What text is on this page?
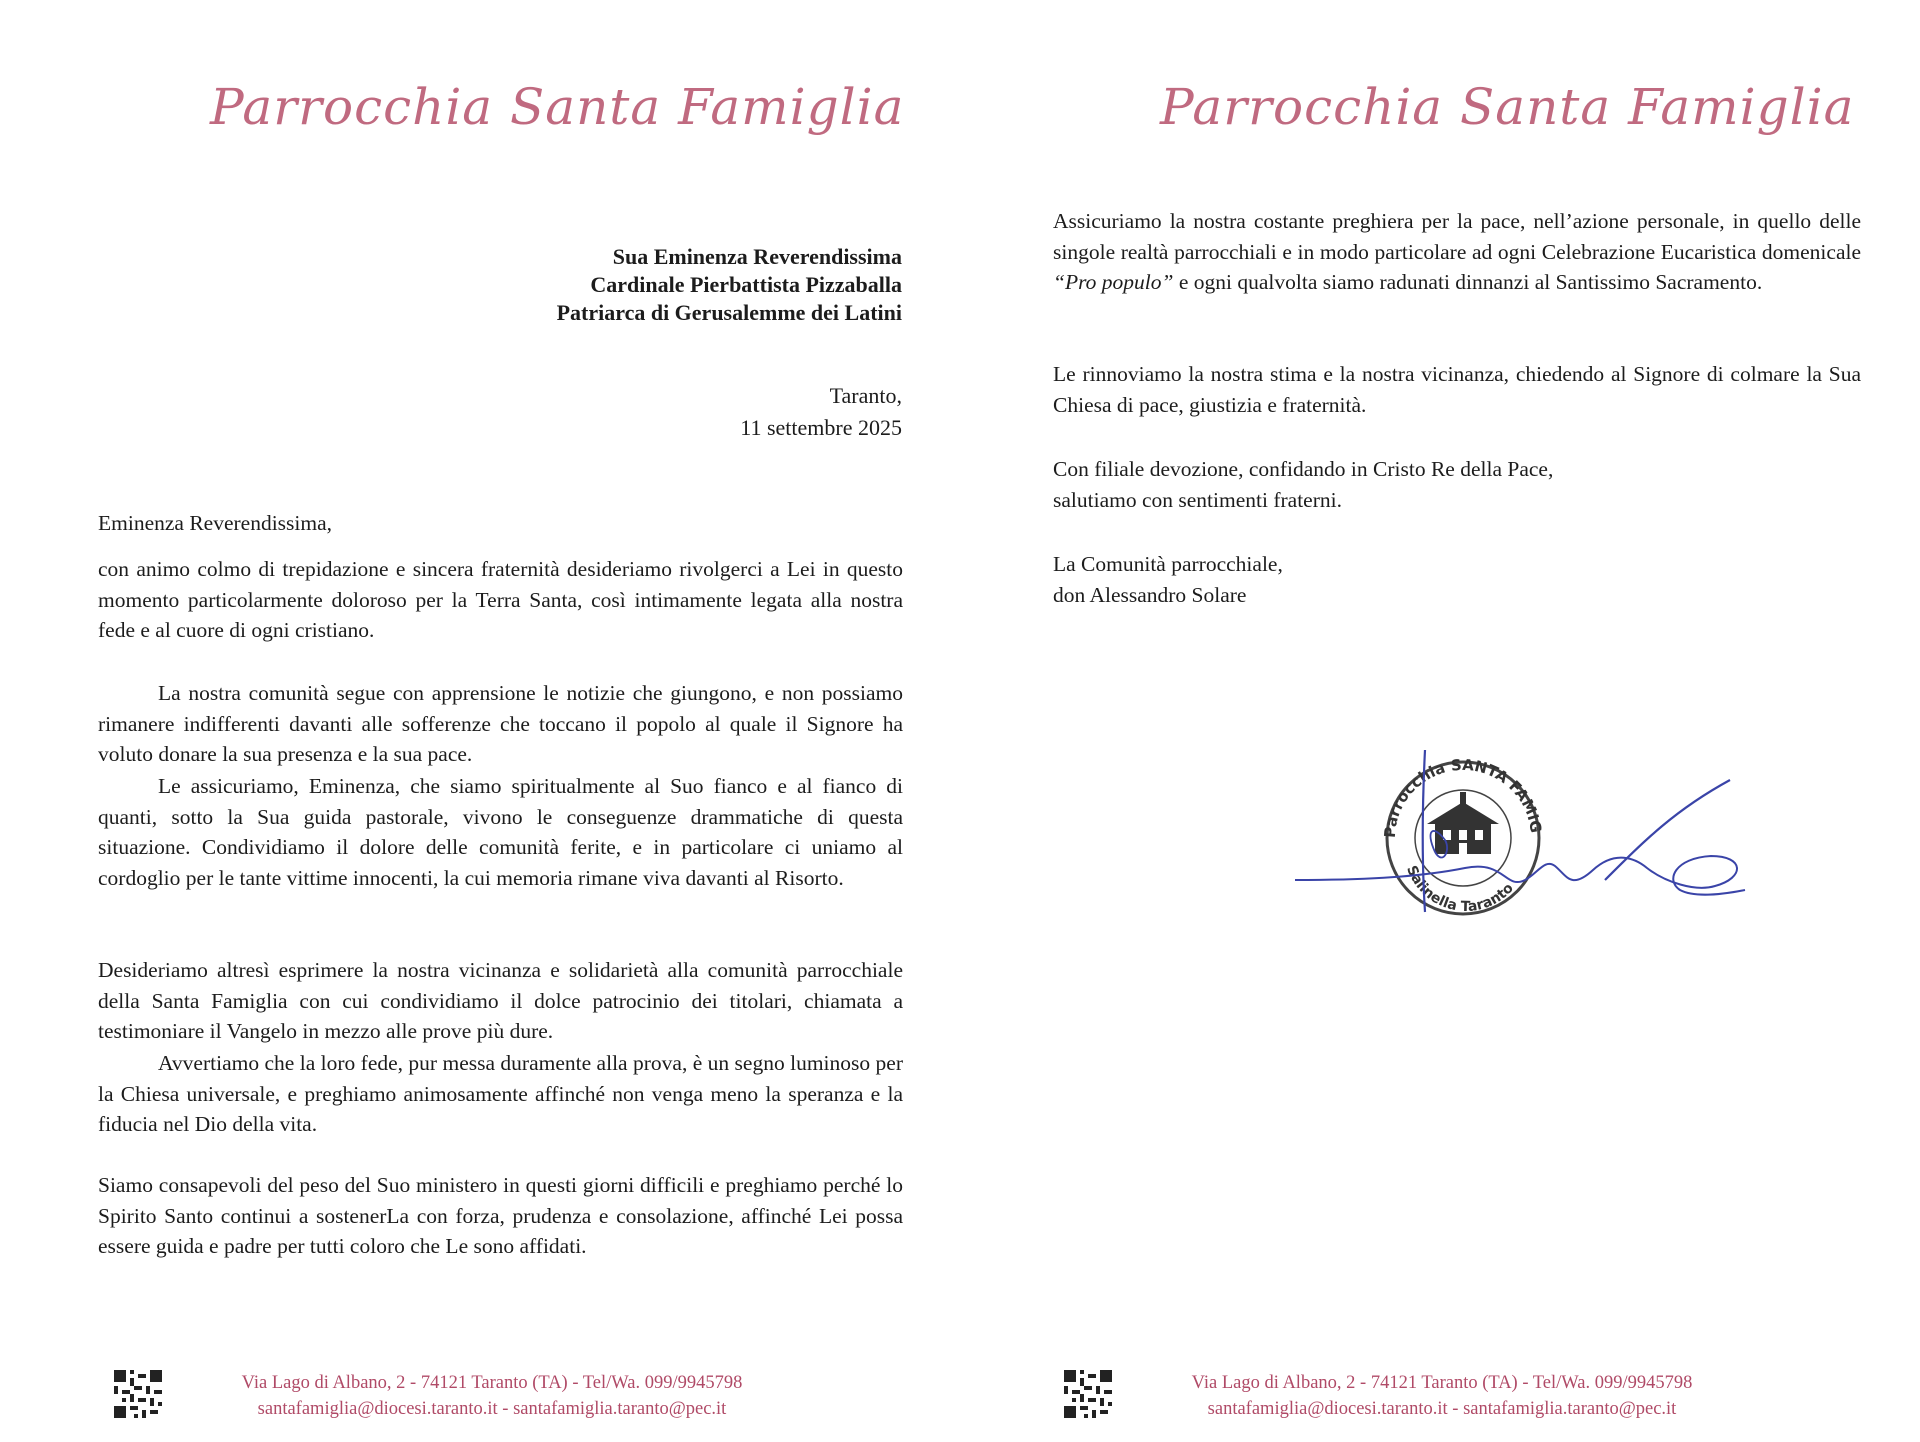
Parrocchia Santa Famiglia
Sua Eminenza Reverendissima
Cardinale Pierbattista Pizzaballa
Patriarca di Gerusalemme dei Latini
Taranto,
11 settembre 2025

Eminenza Reverendissima,

con animo colmo di trepidazione e sincera fraternità desideriamo rivolgerci a Lei in questo momento particolarmente doloroso per la Terra Santa, così intimamente legata alla nostra fede e al cuore di ogni cristiano.

La nostra comunità segue con apprensione le notizie che giungono, e non possiamo rimanere indifferenti davanti alle sofferenze che toccano il popolo al quale il Signore ha voluto donare la sua presenza e la sua pace.

Le assicuriamo, Eminenza, che siamo spiritualmente al Suo fianco e al fianco di quanti, sotto la Sua guida pastorale, vivono le conseguenze drammatiche di questa situazione. Condividiamo il dolore delle comunità ferite, e in particolare ci uniamo al cordoglio per le tante vittime innocenti, la cui memoria rimane viva davanti al Risorto.

Desideriamo altresì esprimere la nostra vicinanza e solidarietà alla comunità parrocchiale della Santa Famiglia con cui condividiamo il dolce patrocinio dei titolari, chiamata a testimoniare il Vangelo in mezzo alle prove più dure.

Avvertiamo che la loro fede, pur messa duramente alla prova, è un segno luminoso per la Chiesa universale, e preghiamo animosamente affinché non venga meno la speranza e la fiducia nel Dio della vita.

Siamo consapevoli del peso del Suo ministero in questi giorni difficili e preghiamo perché lo Spirito Santo continui a sostenerLa con forza, prudenza e consolazione, affinché Lei possa essere guida e padre per tutti coloro che Le sono affidati.

Via Lago di Albano, 2 - 74121 Taranto (TA) - Tel/Wa. 099/9945798
santafamiglia@diocesi.taranto.it - santafamiglia.taranto@pec.it
Parrocchia Santa Famiglia

Assicuriamo la nostra costante preghiera per la pace, nell’azione personale, in quello delle singole realtà parrocchiali e in modo particolare ad ogni Celebrazione Eucaristica domenicale “Pro populo” e ogni qualvolta siamo radunati dinnanzi al Santissimo Sacramento.

Le rinnoviamo la nostra stima e la nostra vicinanza, chiedendo al Signore di colmare la Sua Chiesa di pace, giustizia e fraternità.

Con filiale devozione, confidando in Cristo Re della Pace,
salutiamo con sentimenti fraterni.

La Comunità parrocchiale,
don Alessandro Solare

Parrocchia SANTA FAMIG
Salinella Taranto
Via Lago di Albano, 2 - 74121 Taranto (TA) - Tel/Wa. 099/9945798
santafamiglia@diocesi.taranto.it - santafamiglia.taranto@pec.it
